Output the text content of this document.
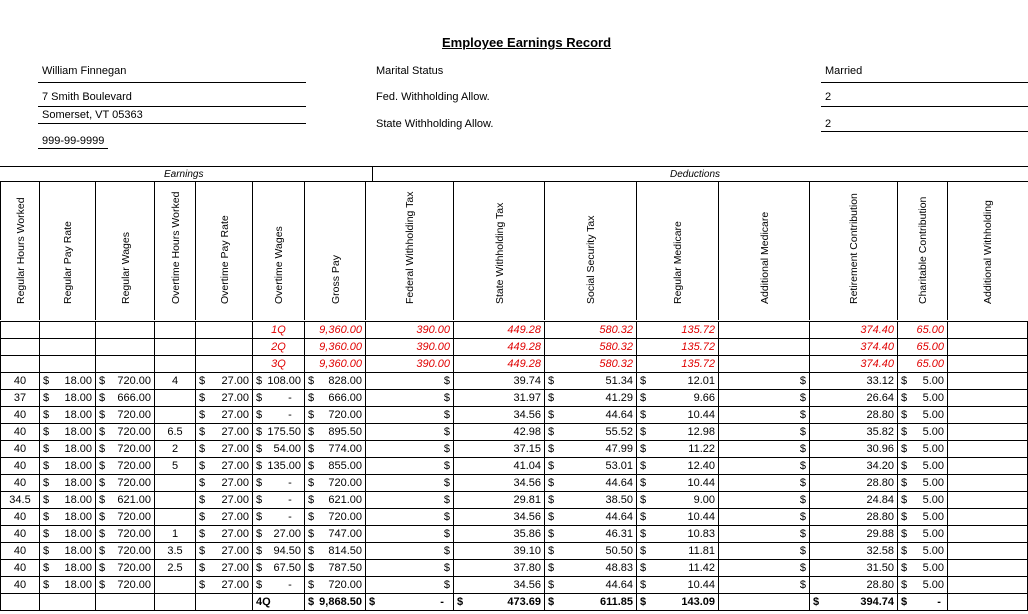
Employee Earnings Record
William Finnegan
7 Smith Boulevard
Somerset, VT 05363
999-99-9999
Marital Status	Married
Fed. Withholding Allow.	2
State Withholding Allow.	2
Earnings	Deductions
Regular Hours Worked	Regular Pay Rate	Regular Wages	Overtime Hours Worked	Overtime Pay Rate	Overtime Wages	Gross Pay	Federal Withholding Tax	State Withholding Tax	Social Security Tax	Regular Medicare	Additional Medicare	Retirement Contribution	Charitable Contribution	Additional Withholding
					1Q	9,360.00	390.00	449.28	580.32	135.72		374.40	65.00	
					2Q	9,360.00	390.00	449.28	580.32	135.72		374.40	65.00	
					3Q	9,360.00	390.00	449.28	580.32	135.72		374.40	65.00	
40	$ 18.00	$ 720.00	4	$ 27.00	$ 108.00	$ 828.00	$	39.74	$ 51.34	$ 12.01	$	33.12	$ 5.00	

37	$ 18.00	$ 666.00		$ 27.00	$ -	$ 666.00	$	31.97	$ 41.29	$ 9.66	$	26.64	$ 5.00	

40	$ 18.00	$ 720.00		$ 27.00	$ -	$ 720.00	$	34.56	$ 44.64	$ 10.44	$	28.80	$ 5.00	

40	$ 18.00	$ 720.00	6.5	$ 27.00	$ 175.50	$ 895.50	$	42.98	$ 55.52	$ 12.98	$	35.82	$ 5.00	

40	$ 18.00	$ 720.00	2	$ 27.00	$ 54.00	$ 774.00	$	37.15	$ 47.99	$ 11.22	$	30.96	$ 5.00	

40	$ 18.00	$ 720.00	5	$ 27.00	$ 135.00	$ 855.00	$	41.04	$ 53.01	$ 12.40	$	34.20	$ 5.00	

40	$ 18.00	$ 720.00		$ 27.00	$ -	$ 720.00	$	34.56	$ 44.64	$ 10.44	$	28.80	$ 5.00	

34.5	$ 18.00	$ 621.00		$ 27.00	$ -	$ 621.00	$	29.81	$ 38.50	$ 9.00	$	24.84	$ 5.00	

40	$ 18.00	$ 720.00		$ 27.00	$ -	$ 720.00	$	34.56	$ 44.64	$ 10.44	$	28.80	$ 5.00	

40	$ 18.00	$ 720.00	1	$ 27.00	$ 27.00	$ 747.00	$	35.86	$ 46.31	$ 10.83	$	29.88	$ 5.00	

40	$ 18.00	$ 720.00	3.5	$ 27.00	$ 94.50	$ 814.50	$	39.10	$ 50.50	$ 11.81	$	32.58	$ 5.00	

40	$ 18.00	$ 720.00	2.5	$ 27.00	$ 67.50	$ 787.50	$	37.80	$ 48.83	$ 11.42	$	31.50	$ 5.00	

40	$ 18.00	$ 720.00		$ 27.00	$ -	$ 720.00	$	34.56	$ 44.64	$ 10.44	$	28.80	$ 5.00	

					4Q	$ 9,868.50	$ -	$ 473.69	$ 611.85	$ 143.09		$ 394.74	$ -	
